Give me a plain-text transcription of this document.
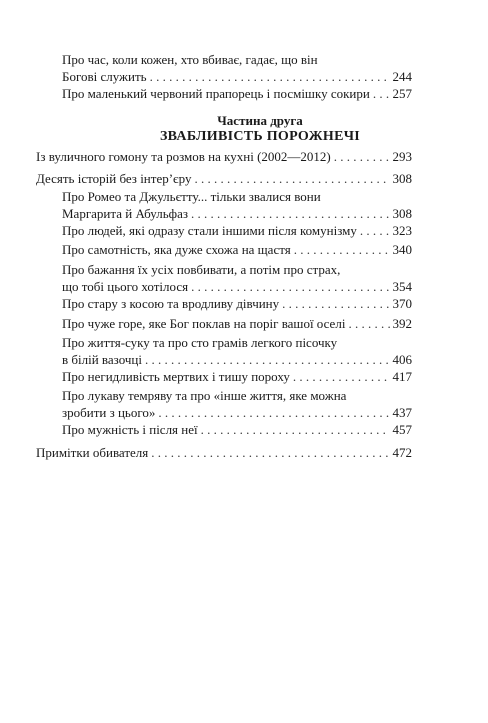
Про час, коли кожен, хто вбиває, гадає, що він
Богові служить . . .	244
Про маленький червоний прапорець і посмішку сокири . . . 257
Частина друга
ЗВАБЛИВІСТЬ ПОРОЖНЕЧІ
Із вуличного гомону та розмов на кухні (2002—2012) . . .	293
Десять історій без інтер’єру . . .	308
Про Ромео та Джульєтту... тільки звалися вони
Маргарита й Абульфаз . . .	308
Про людей, які одразу стали іншими після комунізму . . .	323
Про самотність, яка дуже схожа на щастя . . .	340
Про бажання їх усіх повбивати, а потім про страх,
що тобі цього хотілося . . .	354
Про стару з косою та вродливу дівчину . . .	370
Про чуже горе, яке Бог поклав на поріг вашої оселі . . .	392
Про життя-суку та про сто грамів легкого пісочку
в білій вазочці . . .	406
Про негидливість мертвих і тишу пороху . . .	417
Про лукаву темряву та про «інше життя, яке можна
зробити з цього» . . .	437
Про мужність і після неї . . .	457
Примітки обивателя . . .	472
